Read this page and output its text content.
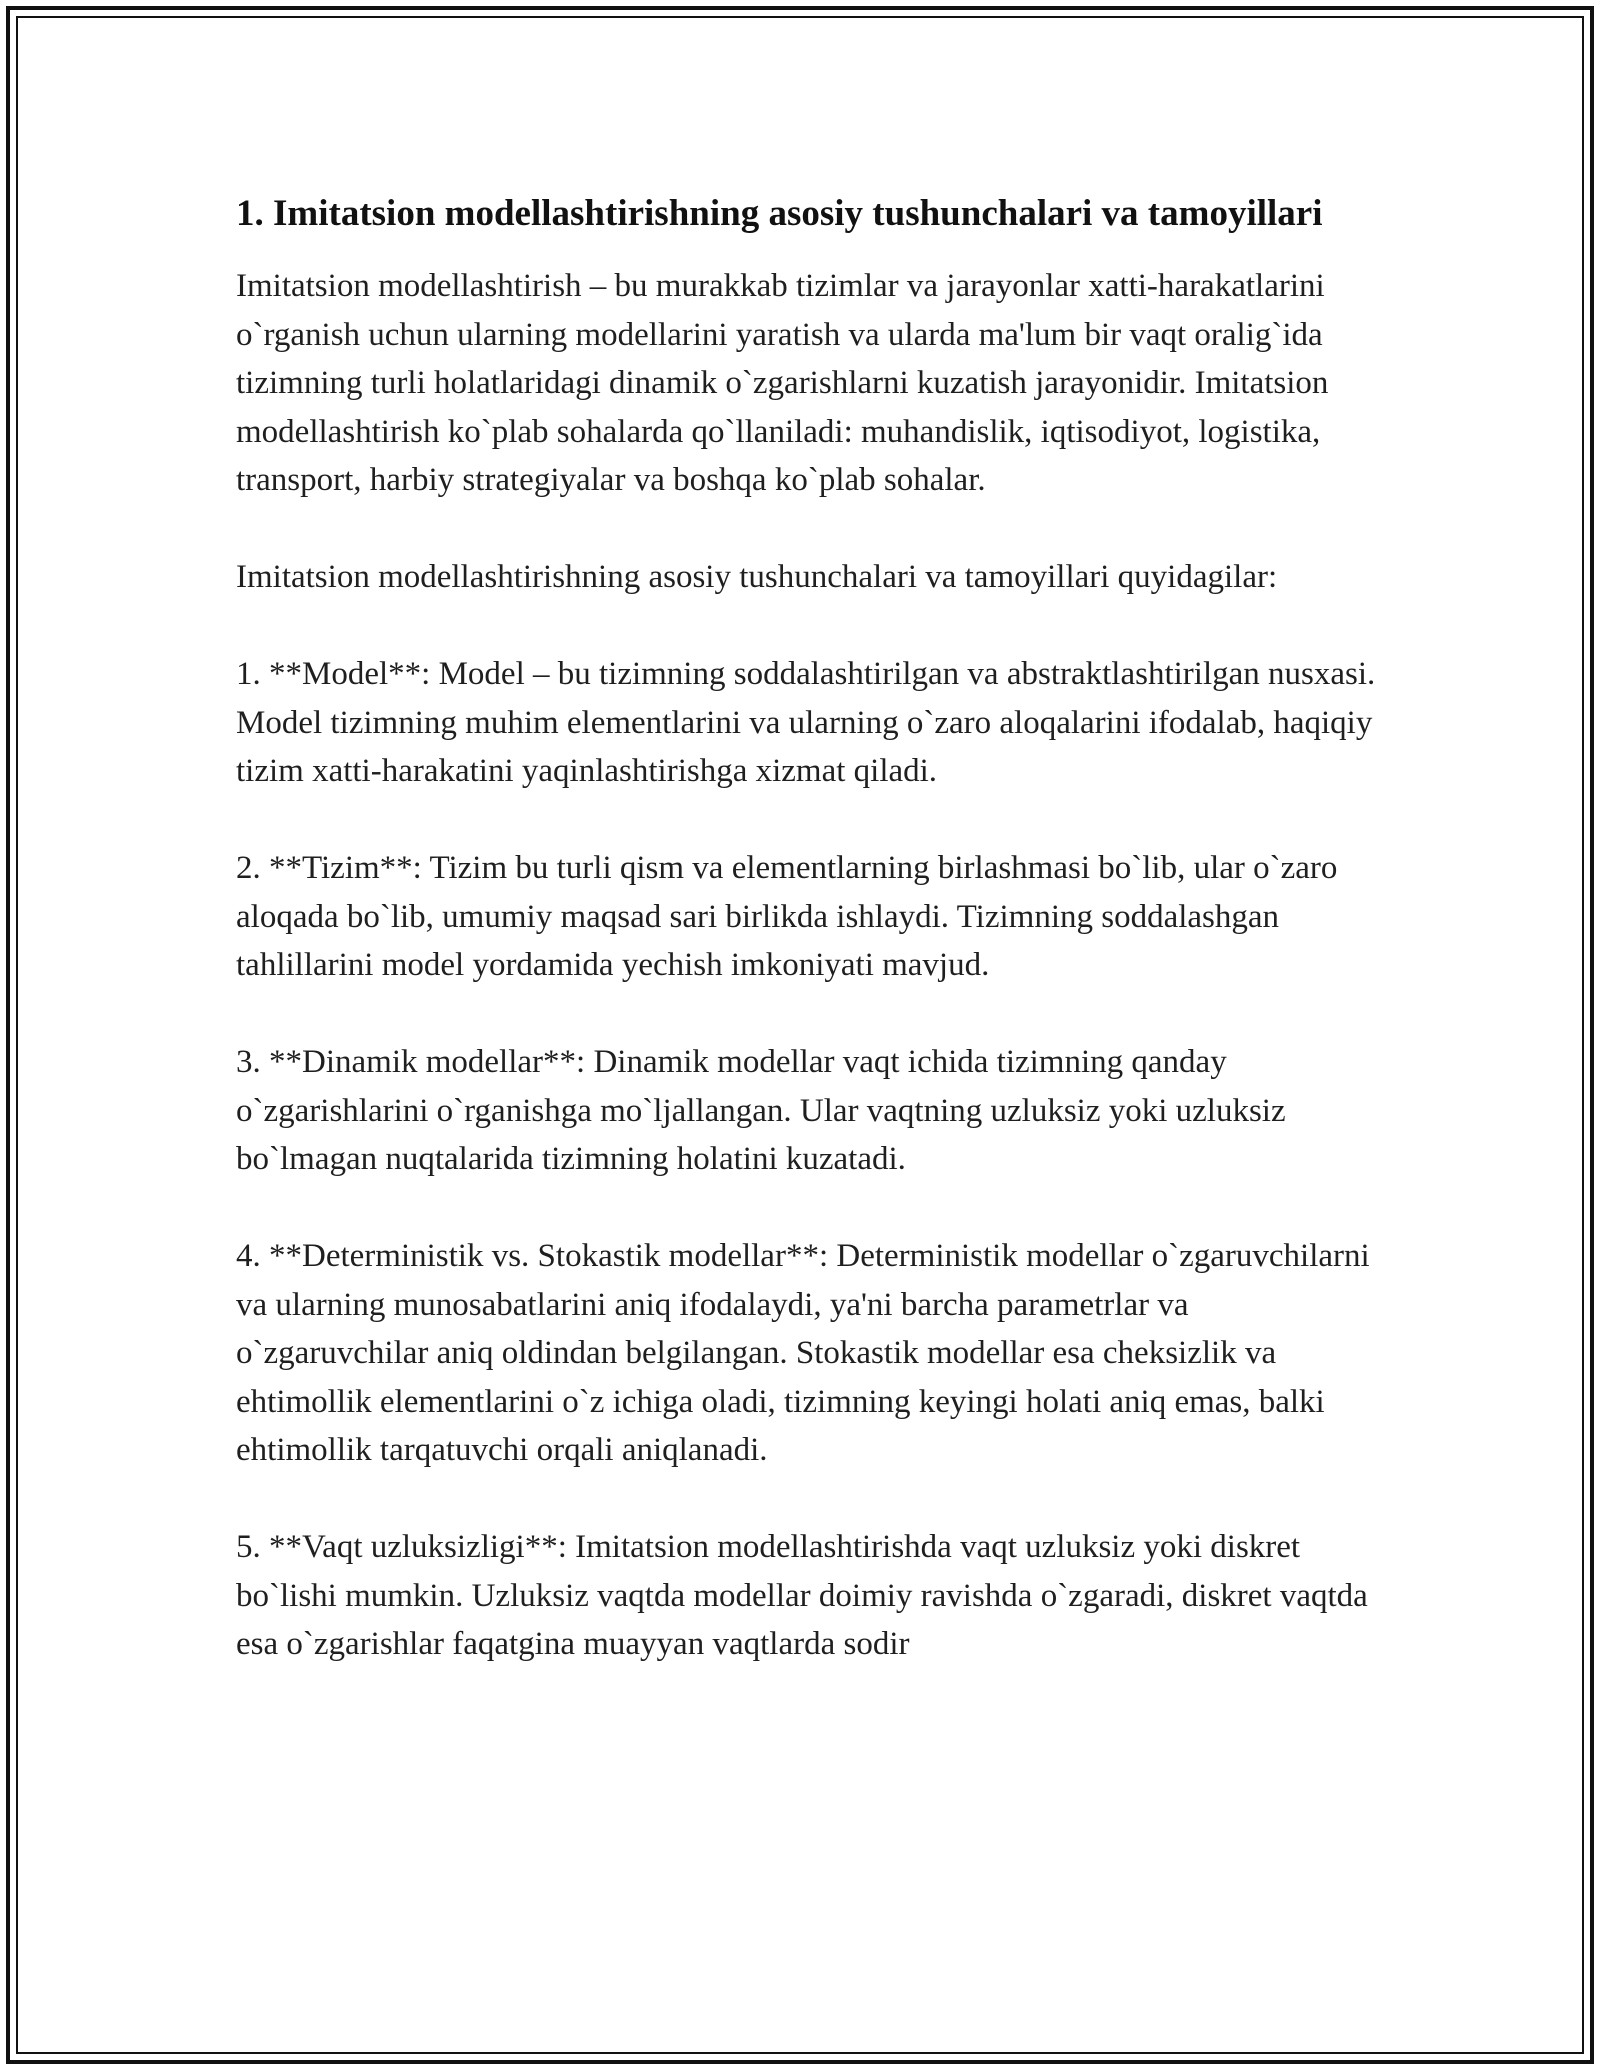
1. Imitatsion modellashtirishning asosiy tushunchalari va tamoyillari

Imitatsion modellashtirish – bu murakkab tizimlar va jarayonlar xatti-harakatlarini o`rganish uchun ularning modellarini yaratish va ularda ma'lum bir vaqt oralig`ida tizimning turli holatlaridagi dinamik o`zgarishlarni kuzatish jarayonidir. Imitatsion modellashtirish ko`plab sohalarda qo`llaniladi: muhandislik, iqtisodiyot, logistika, transport, harbiy strategiyalar va boshqa ko`plab sohalar.

Imitatsion modellashtirishning asosiy tushunchalari va tamoyillari quyidagilar:

1. **Model**: Model – bu tizimning soddalashtirilgan va abstraktlashtirilgan nusxasi. Model tizimning muhim elementlarini va ularning o`zaro aloqalarini ifodalab, haqiqiy tizim xatti-harakatini yaqinlashtirishga xizmat qiladi.

2. **Tizim**: Tizim bu turli qism va elementlarning birlashmasi bo`lib, ular o`zaro aloqada bo`lib, umumiy maqsad sari birlikda ishlaydi. Tizimning soddalashgan tahlillarini model yordamida yechish imkoniyati mavjud.

3. **Dinamik modellar**: Dinamik modellar vaqt ichida tizimning qanday o`zgarishlarini o`rganishga mo`ljallangan. Ular vaqtning uzluksiz yoki uzluksiz bo`lmagan nuqtalarida tizimning holatini kuzatadi.

4. **Deterministik vs. Stokastik modellar**: Deterministik modellar o`zgaruvchilarni va ularning munosabatlarini aniq ifodalaydi, ya'ni barcha parametrlar va o`zgaruvchilar aniq oldindan belgilangan. Stokastik modellar esa cheksizlik va ehtimollik elementlarini o`z ichiga oladi, tizimning keyingi holati aniq emas, balki ehtimollik tarqatuvchi orqali aniqlanadi.

5. **Vaqt uzluksizligi**: Imitatsion modellashtirishda vaqt uzluksiz yoki diskret bo`lishi mumkin. Uzluksiz vaqtda modellar doimiy ravishda o`zgaradi, diskret vaqtda esa o`zgarishlar faqatgina muayyan vaqtlarda sodir
